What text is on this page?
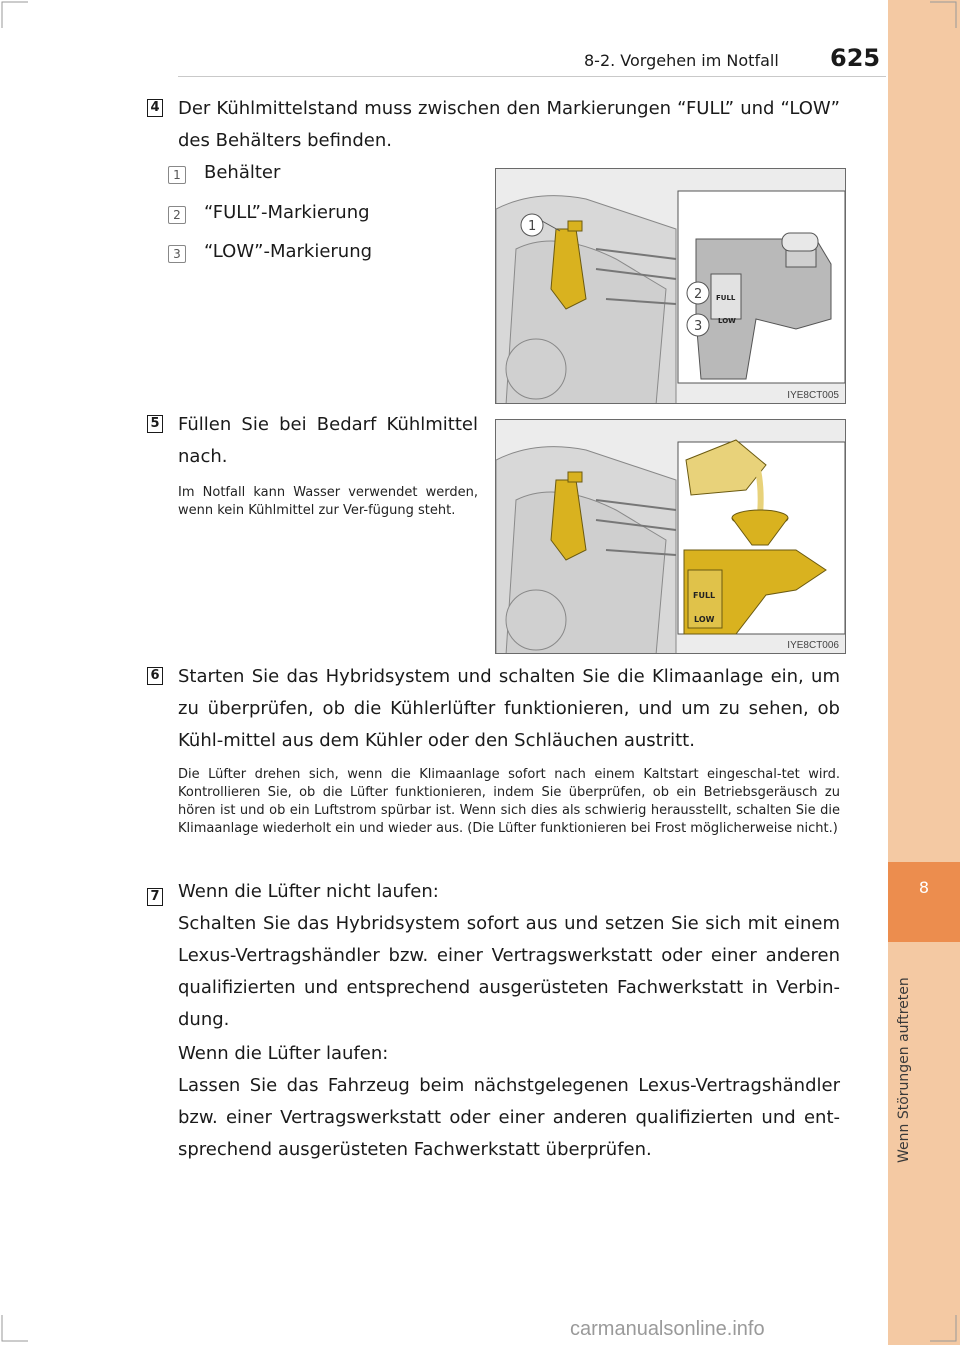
8
Wenn Störungen auftreten
8-2. Vorgehen im Notfall 625
4 Der Kühlmittelstand muss zwischen den Markierungen “FULL” und “LOW” des Behälters befinden.
1 Behälter
2 “FULL”-Markierung
3 “LOW”-Markierung
FULL
LOW
1
2
3
IYE8CT005
5 Füllen Sie bei Bedarf Kühlmittel nach.
Im Notfall kann Wasser verwendet werden, wenn kein Kühlmittel zur Ver-fügung steht.
FULL
LOW
IYE8CT006
6 Starten Sie das Hybridsystem und schalten Sie die Klimaanlage ein, um zu überprüfen, ob die Kühlerlüfter funktionieren, und um zu sehen, ob Kühl-mittel aus dem Kühler oder den Schläuchen austritt.
Die Lüfter drehen sich, wenn die Klimaanlage sofort nach einem Kaltstart eingeschal-tet wird. Kontrollieren Sie, ob die Lüfter funktionieren, indem Sie überprüfen, ob ein Betriebsgeräusch zu hören ist und ob ein Luftstrom spürbar ist. Wenn sich dies als schwierig herausstellt, schalten Sie die Klimaanlage wiederholt ein und wieder aus. (Die Lüfter funktionieren bei Frost möglicherweise nicht.)
7 Wenn die Lüfter nicht laufen:
Schalten Sie das Hybridsystem sofort aus und setzen Sie sich mit einem Lexus-Vertragshändler bzw. einer Vertragswerkstatt oder einer anderen qualifizierten und entsprechend ausgerüsteten Fachwerkstatt in Verbin-dung.
Wenn die Lüfter laufen:
Lassen Sie das Fahrzeug beim nächstgelegenen Lexus-Vertragshändler bzw. einer Vertragswerkstatt oder einer anderen qualifizierten und ent-sprechend ausgerüsteten Fachwerkstatt überprüfen.
carmanualsonline.info
